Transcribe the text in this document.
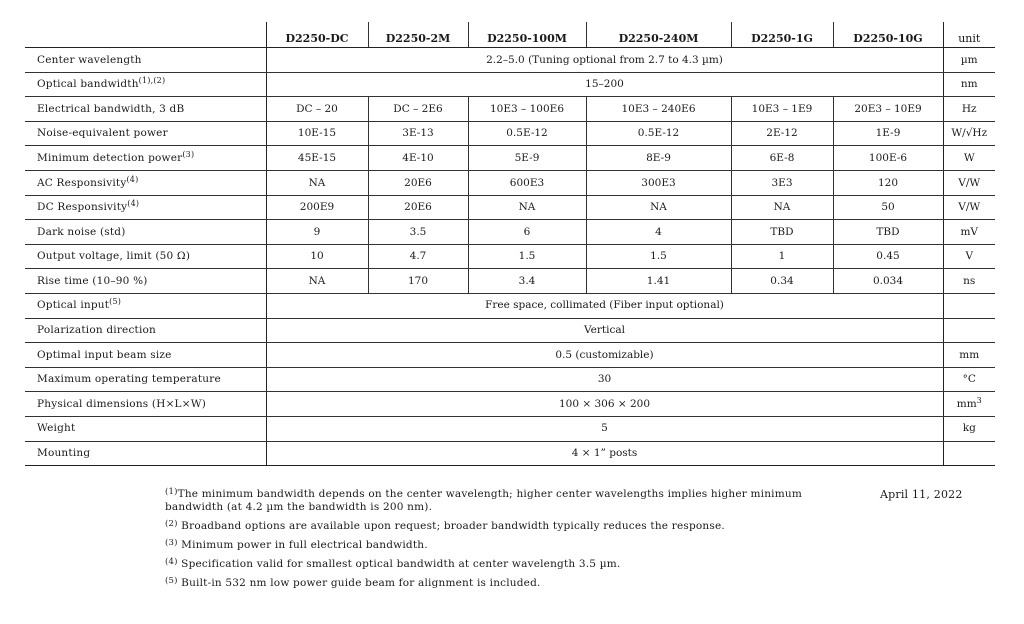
	D2250-DC	D2250-2M	D2250-100M	D2250-240M	D2250-1G	D2250-10G	unit
Center wavelength	2.2–5.0 (Tuning optional from 2.7 to 4.3 µm)						µm
Optical bandwidth$^{(1),(2)}$	15–200						nm
Electrical bandwidth, 3 dB	DC – 20	DC – 2E6	10E3 – 100E6	10E3 – 240E6	10E3 – 1E9	20E3 – 10E9	Hz
Noise-equivalent power	10E-15	3E-13	0.5E-12	0.5E-12	2E-12	1E-9	W/√Hz
Minimum detection power$^{(3)}$	45E-15	4E-10	5E-9	8E-9	6E-8	100E-6	W
AC Responsivity$^{(4)}$	NA	20E6	600E3	300E3	3E3	120	V/W
DC Responsivity$^{(4)}$	200E9	20E6	NA	NA	NA	50	V/W
Dark noise (std)	9	3.5	6	4	TBD	TBD	mV
Output voltage, limit (50 Ω)	10	4.7	1.5	1.5	1	0.45	V
Rise time (10–90 %)	NA	170	3.4	1.41	0.34	0.034	ns
Optical input$^{(5)}$	Free space, collimated (Fiber input optional)						
Polarization direction	Vertical						
Optimal input beam size	0.5 (customizable)						mm
Maximum operating temperature	30						°C
Physical dimensions (H×L×W)	100 × 306 × 200						$mm^3$
Weight	5						kg
Mounting	4 × 1” posts						
$^{(1)}$The minimum bandwidth depends on the center wavelength; higher center wavelengths implies higher minimum bandwidth (at 4.2 µm the bandwidth is 200 nm).
$^{(2)}$ Broadband options are available upon request; broader bandwidth typically reduces the response.
$^{(3)}$ Minimum power in full electrical bandwidth.
$^{(4)}$ Specification valid for smallest optical bandwidth at center wavelength 3.5 µm.
$^{(5)}$ Built-in 532 nm low power guide beam for alignment is included.
April 11, 2022
